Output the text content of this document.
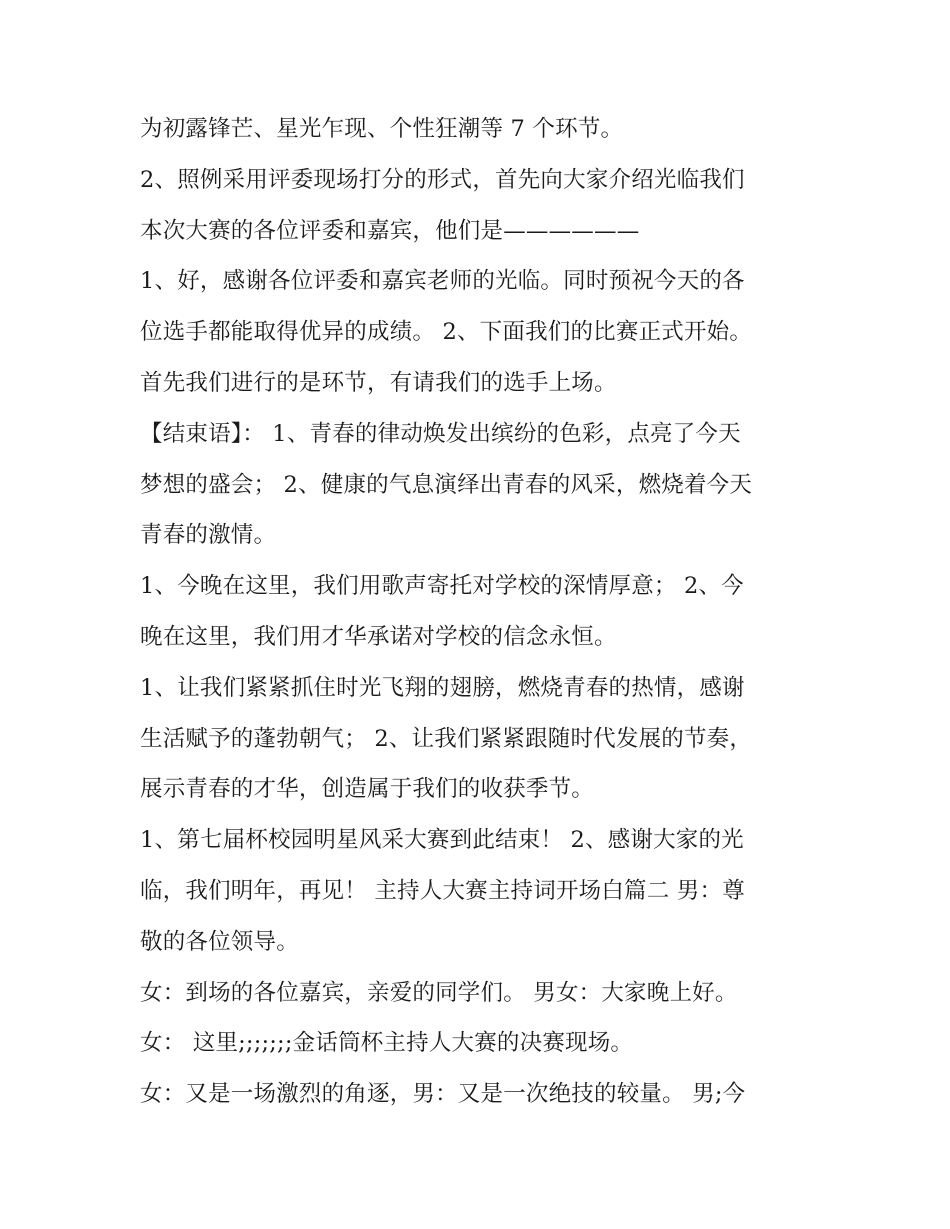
为初露锋芒、星光乍现、个性狂潮等 7 个环节。
2、照例采用评委现场打分的形式，首先向大家介绍光临我们
本次大赛的各位评委和嘉宾，他们是——————
1、好，感谢各位评委和嘉宾老师的光临。同时预祝今天的各
位选手都能取得优异的成绩。 2、下面我们的比赛正式开始。
首先我们进行的是环节，有请我们的选手上场。
【结束语】： 1、青春的律动焕发出缤纷的色彩，点亮了今天
梦想的盛会； 2、健康的气息演绎出青春的风采，燃烧着今天
青春的激情。
1、今晚在这里，我们用歌声寄托对学校的深情厚意； 2、今
晚在这里，我们用才华承诺对学校的信念永恒。
1、让我们紧紧抓住时光飞翔的翅膀，燃烧青春的热情，感谢
生活赋予的蓬勃朝气； 2、让我们紧紧跟随时代发展的节奏，
展示青春的才华，创造属于我们的收获季节。
1、第七届杯校园明星风采大赛到此结束！ 2、感谢大家的光
临，我们明年，再见！ 主持人大赛主持词开场白篇二 男：尊
敬的各位领导。
女：到场的各位嘉宾，亲爱的同学们。 男女：大家晚上好。
女： 这里;;;;;;;金话筒杯主持人大赛的决赛现场。
女：又是一场激烈的角逐，男：又是一次绝技的较量。 男;今
